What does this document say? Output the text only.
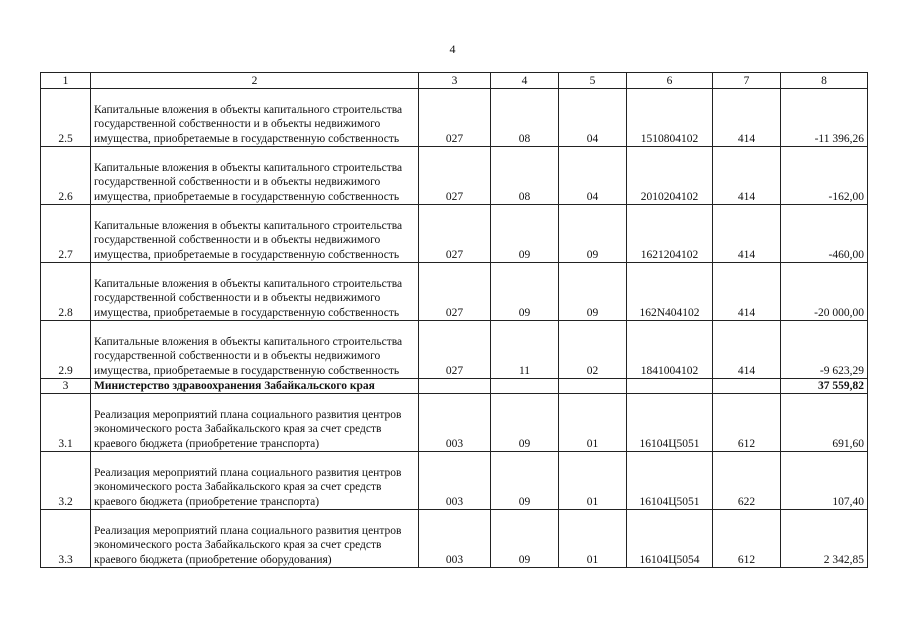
4
1	2	3	4	5	6	7	8
2.5	Капитальные вложения в объекты капитального строительства государственной собственности и в объекты недвижимого имущества, приобретаемые в государственную собственность	027	08	04	1510804102	414	-11 396,26
2.6	Капитальные вложения в объекты капитального строительства государственной собственности и в объекты недвижимого имущества, приобретаемые в государственную собственность	027	08	04	2010204102	414	-162,00
2.7	Капитальные вложения в объекты капитального строительства государственной собственности и в объекты недвижимого имущества, приобретаемые в государственную собственность	027	09	09	1621204102	414	-460,00
2.8	Капитальные вложения в объекты капитального строительства государственной собственности и в объекты недвижимого имущества, приобретаемые в государственную собственность	027	09	09	162N404102	414	-20 000,00
2.9	Капитальные вложения в объекты капитального строительства государственной собственности и в объекты недвижимого имущества, приобретаемые в государственную собственность	027	11	02	1841004102	414	-9 623,29
3	Министерство здравоохранения Забайкальского края						37 559,82
3.1	Реализация мероприятий плана социального развития центров экономического роста Забайкальского края за счет средств краевого бюджета (приобретение транспорта)	003	09	01	16104Ц5051	612	691,60
3.2	Реализация мероприятий плана социального развития центров экономического роста Забайкальского края за счет средств краевого бюджета (приобретение транспорта)	003	09	01	16104Ц5051	622	107,40
3.3	Реализация мероприятий плана социального развития центров экономического роста Забайкальского края за счет средств краевого бюджета (приобретение оборудования)	003	09	01	16104Ц5054	612	2 342,85
